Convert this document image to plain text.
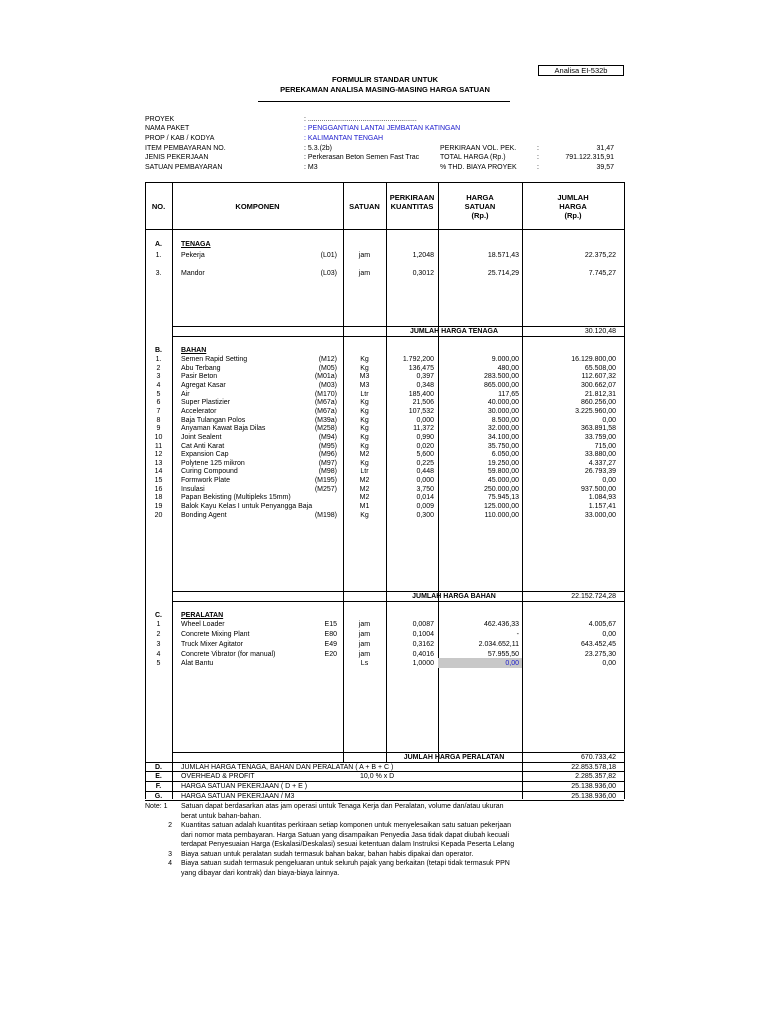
Analisa EI-532b
FORMULIR STANDAR UNTUK
PEREKAMAN ANALISA MASING-MASING HARGA SATUAN
PROYEK	: ........................................................
NAMA PAKET	: PENGGANTIAN LANTAI JEMBATAN KATINGAN
PROP / KAB / KODYA	: KALIMANTAN TENGAH
ITEM PEMBAYARAN NO.	: 5.3.(2b)
JENIS PEKERJAAN	: Perkerasan Beton Semen Fast Trac
SATUAN PEMBAYARAN	: M3
PERKIRAAN VOL. PEK.	:	31,47
TOTAL HARGA (Rp.)	:	791.122.315,91
% THD. BIAYA PROYEK	:	39,57
NO.	KOMPONEN	SATUAN
PERKIRAAN
KUANTITAS
HARGA
SATUAN
(Rp.)
JUMLAH
HARGA
(Rp.)
A.	TENAGA
1.	Pekerja	(L01)	jam	1,2048	18.571,43	22.375,22
3.	Mandor	(L03)	jam	0,3012	25.714,29	7.745,27
JUMLAH HARGA TENAGA	30.120,48
B.	BAHAN
1.	Semen Rapid Setting	(M12)	Kg	1.792,200	9.000,00	16.129.800,00
2	Abu Terbang	(M05)	Kg	136,475	480,00	65.508,00
3	Pasir Beton	(M01a)	M3	0,397	283.500,00	112.607,32
4	Agregat Kasar	(M03)	M3	0,348	865.000,00	300.662,07
5	Air	(M170)	Ltr	185,400	117,65	21.812,31
6	Super Plastizier	(M67a)	Kg	21,506	40.000,00	860.256,00
7	Accelerator	(M67a)	Kg	107,532	30.000,00	3.225.960,00
8	Baja Tulangan Polos	(M39a)	Kg	0,000	8.500,00	0,00
9	Anyaman Kawat Baja Dilas	(M258)	Kg	11,372	32.000,00	363.891,58
10	Joint Sealent	(M94)	Kg	0,990	34.100,00	33.759,00
11	Cat Anti Karat	(M95)	Kg	0,020	35.750,00	715,00
12	Expansion Cap	(M96)	M2	5,600	6.050,00	33.880,00
13	Polytene 125 mikron	(M97)	Kg	0,225	19.250,00	4.337,27
14	Curing Compound	(M98)	Ltr	0,448	59.800,00	26.793,39
15	Formwork Plate	(M195)	M2	0,000	45.000,00	0,00
16	Insulasi	(M257)	M2	3,750	250.000,00	937.500,00
18	Papan Bekisting (Multipleks 15mm)	M2	0,014	75.945,13	1.084,93
19	Balok Kayu Kelas I untuk Penyangga Baja	M1	0,009	125.000,00	1.157,41
20	Bonding Agent	(M198)	Kg	0,300	110.000,00	33.000,00
JUMLAH HARGA BAHAN	22.152.724,28
C.	PERALATAN
1	Wheel Loader	E15	jam	0,0087	462.436,33	4.005,67
2	Concrete Mixing Plant	E80	jam	0,1004	-	0,00
3	Truck Mixer Agitator	E49	jam	0,3162	2.034.652,11	643.452,45
4	Concrete Vibrator (for manual)	E20	jam	0,4016	57.955,50	23.275,30
5	Alat Bantu	Ls	1,0000	0,00	0,00
JUMLAH HARGA PERALATAN	670.733,42
D.	JUMLAH HARGA TENAGA, BAHAN DAN PERALATAN ( A + B + C )	22.853.578,18
E.	OVERHEAD & PROFIT	10,0 % x D	2.285.357,82
F.	HARGA SATUAN PEKERJAAN ( D + E )	25.138.936,00
G.	HARGA SATUAN PEKERJAAN / M3	25.138.936,00
Note: 1	Satuan dapat berdasarkan atas jam operasi untuk Tenaga Kerja dan Peralatan, volume dan/atau ukuran
berat untuk bahan-bahan.
2 Kuantitas satuan adalah kuantitas perkiraan setiap komponen untuk menyelesaikan satu satuan pekerjaan
dari nomor mata pembayaran. Harga Satuan yang disampaikan Penyedia Jasa tidak dapat diubah kecuali
terdapat Penyesuaian Harga (Eskalasi/Deskalasi) sesuai ketentuan dalam Instruksi Kepada Peserta Lelang
3 Biaya satuan untuk peralatan sudah termasuk bahan bakar, bahan habis dipakai dan operator.
4 Biaya satuan sudah termasuk pengeluaran untuk seluruh pajak yang berkaitan (tetapi tidak termasuk PPN
yang dibayar dari kontrak) dan biaya-biaya lainnya.
